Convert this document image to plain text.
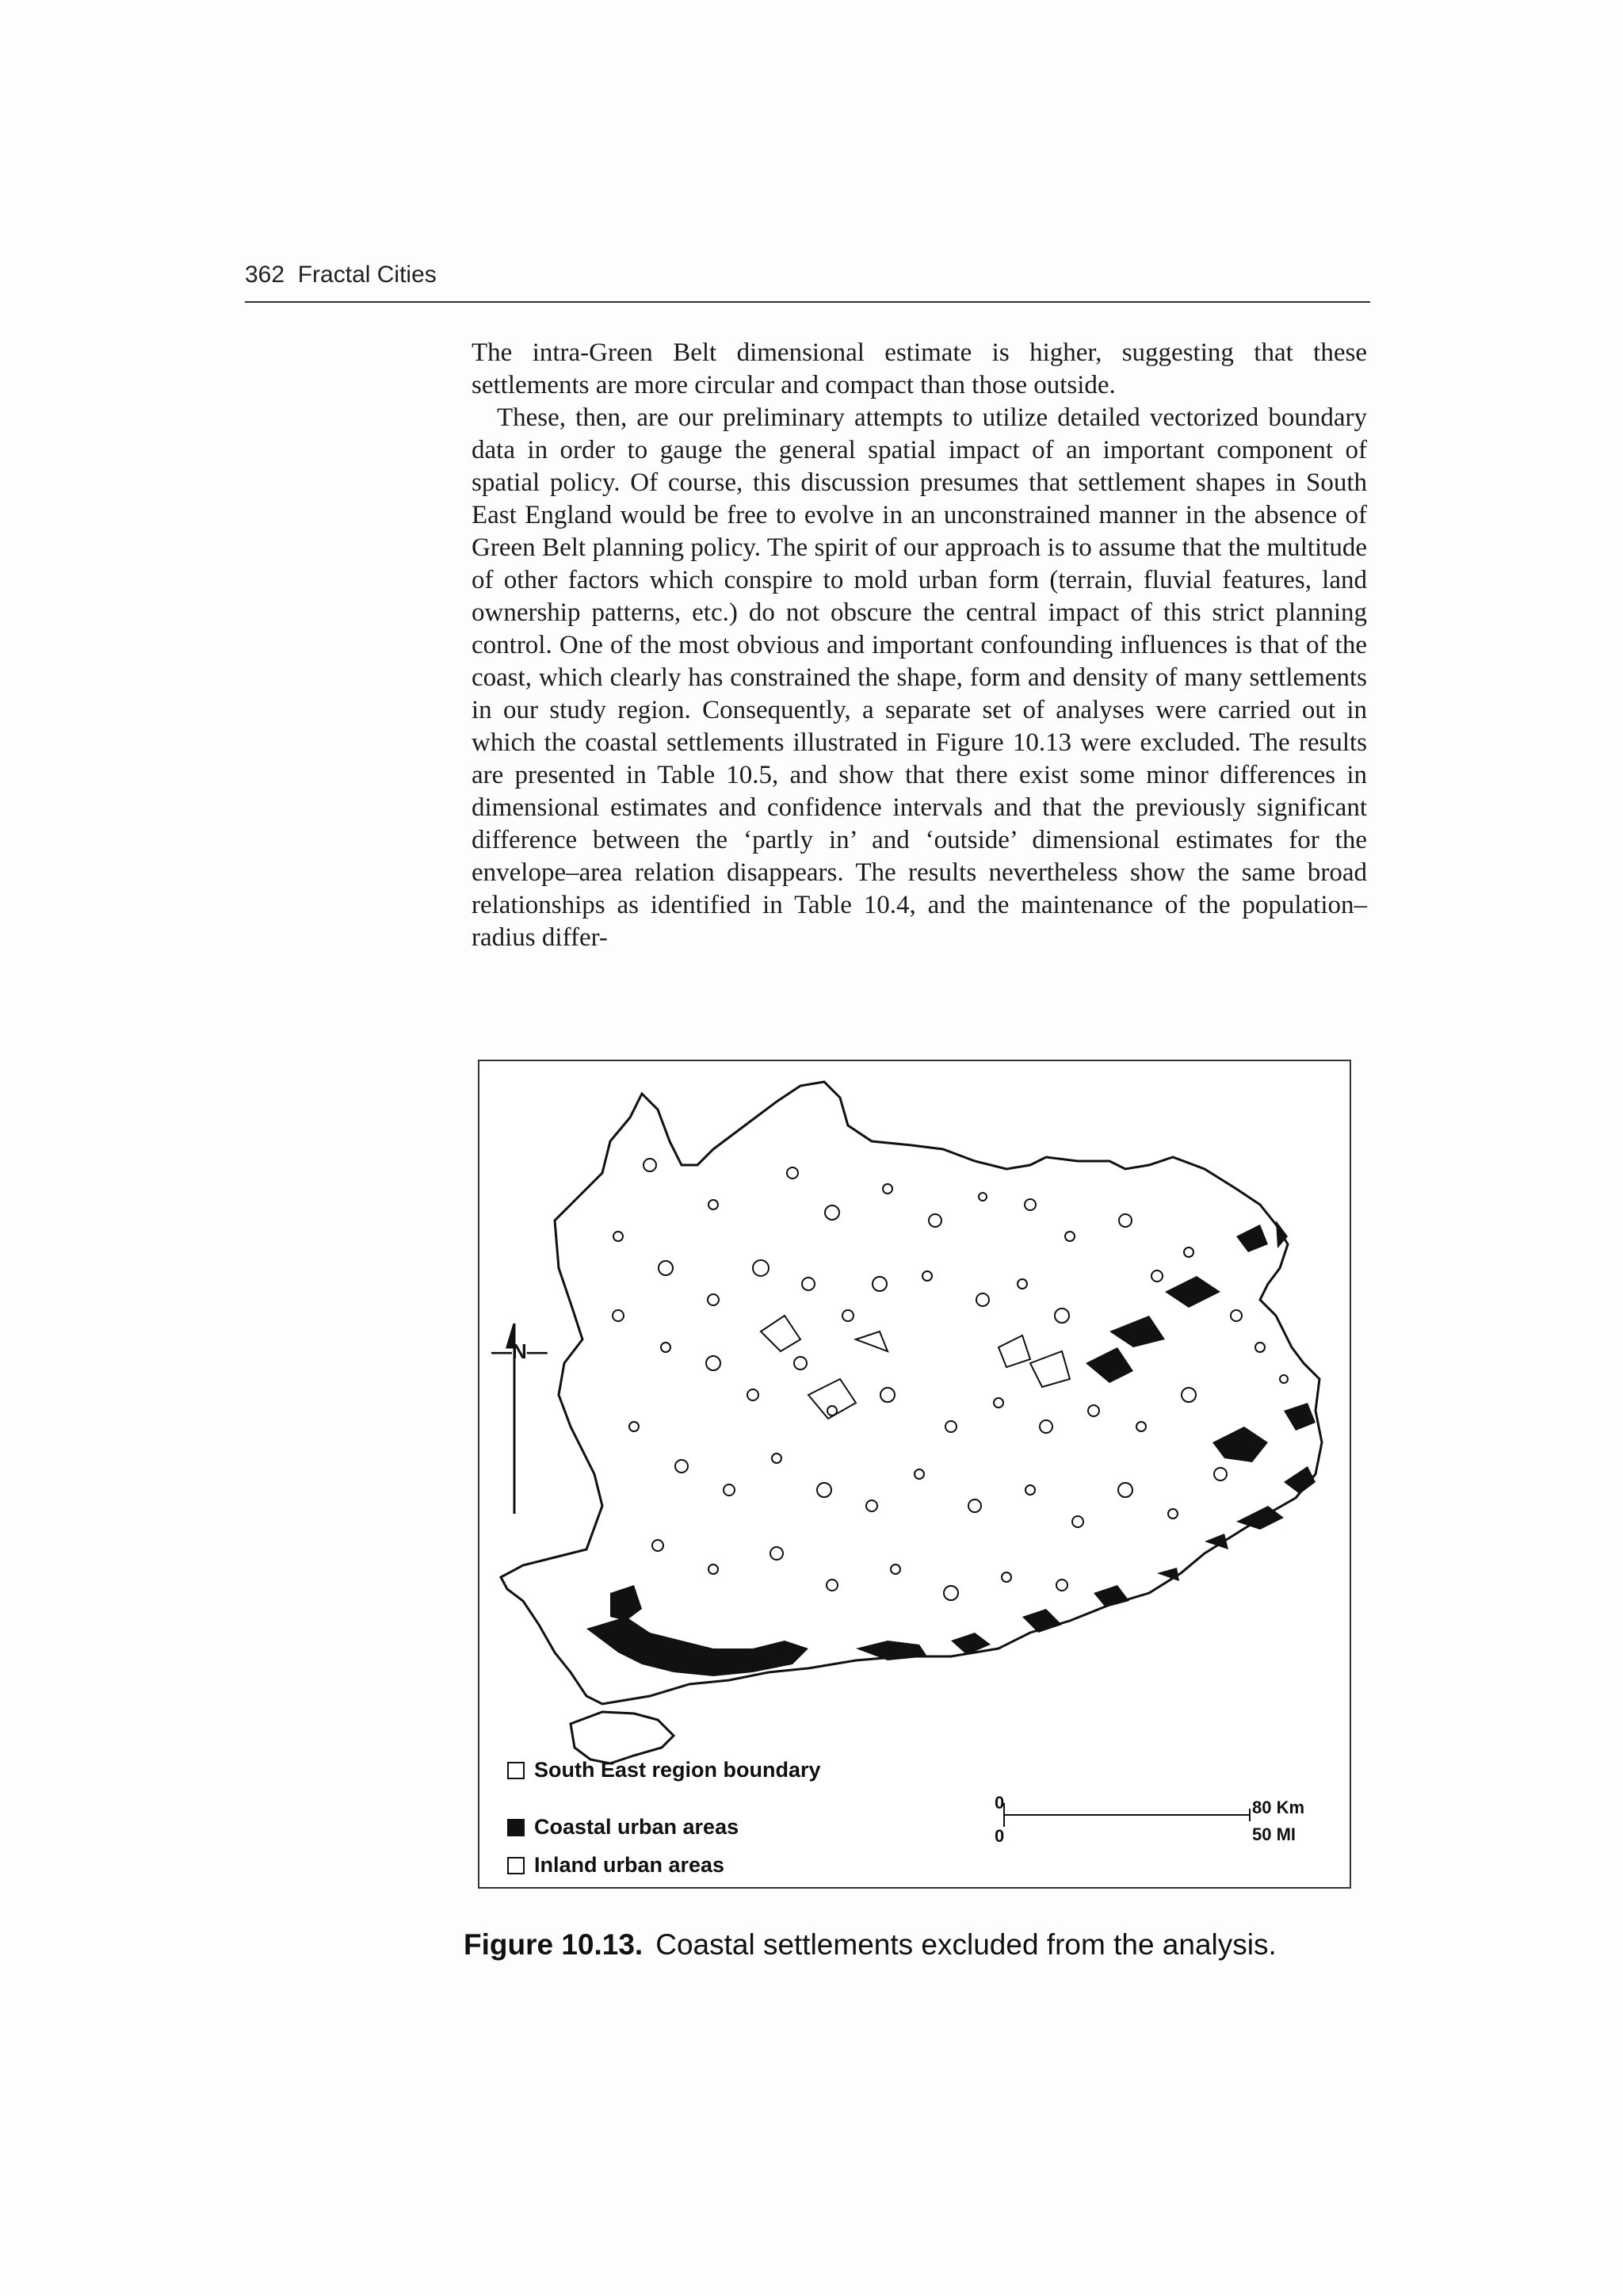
362 Fractal Cities

The intra-Green Belt dimensional estimate is higher, suggesting that these settlements are more circular and compact than those outside.

These, then, are our preliminary attempts to utilize detailed vectorized boundary data in order to gauge the general spatial impact of an important component of spatial policy. Of course, this discussion presumes that settlement shapes in South East England would be free to evolve in an unconstrained manner in the absence of Green Belt planning policy. The spirit of our approach is to assume that the multitude of other factors which conspire to mold urban form (terrain, fluvial features, land ownership patterns, etc.) do not obscure the central impact of this strict planning control. One of the most obvious and important confounding influences is that of the coast, which clearly has constrained the shape, form and density of many settlements in our study region. Consequently, a separate set of analyses were carried out in which the coastal settlements illustrated in Figure 10.13 were excluded. The results are presented in Table 10.5, and show that there exist some minor differences in dimensional estimates and confidence intervals and that the previously significant difference between the ‘partly in’ and ‘outside’ dimensional estimates for the envelope–area relation disappears. The results nevertheless show the same broad relationships as identified in Table 10.4, and the maintenance of the population–radius differ-

—N—
South East region boundary
Coastal urban areas
Inland urban areas
0
0
80 Km
50 MI
Figure 10.13. Coastal settlements excluded from the analysis.
